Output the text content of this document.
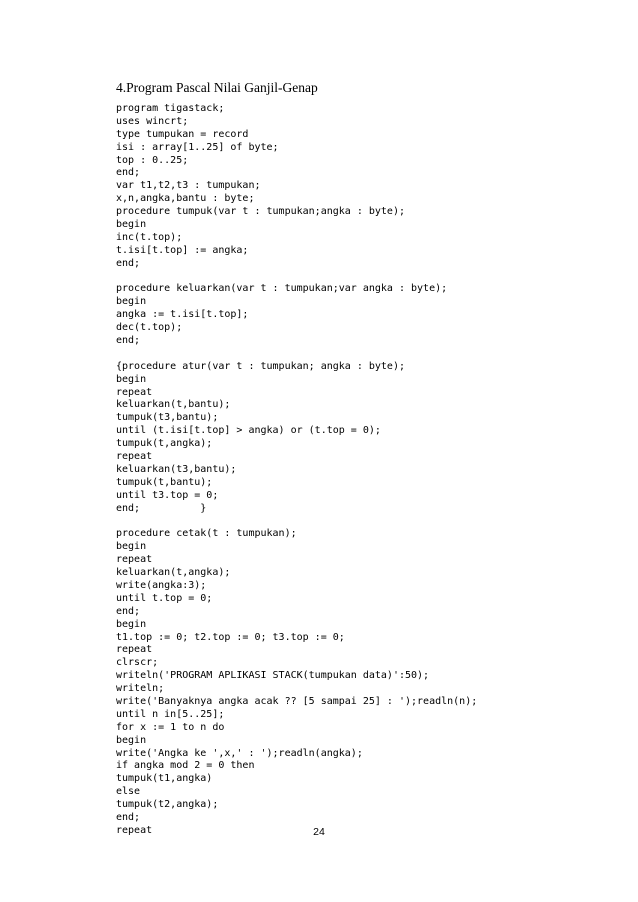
4.Program Pascal Nilai Ganjil-Genap
program tigastack;
uses wincrt;
type tumpukan = record
isi : array[1..25] of byte;
top : 0..25;
end;
var t1,t2,t3 : tumpukan;
x,n,angka,bantu : byte;
procedure tumpuk(var t : tumpukan;angka : byte);
begin
inc(t.top);
t.isi[t.top] := angka;
end;
procedure keluarkan(var t : tumpukan;var angka : byte);
begin
angka := t.isi[t.top];
dec(t.top);
end;
{procedure atur(var t : tumpukan; angka : byte);
begin
repeat
keluarkan(t,bantu);
tumpuk(t3,bantu);
until (t.isi[t.top] > angka) or (t.top = 0);
tumpuk(t,angka);
repeat
keluarkan(t3,bantu);
tumpuk(t,bantu);
until t3.top = 0;
end;          }
procedure cetak(t : tumpukan);
begin
repeat
keluarkan(t,angka);
write(angka:3);
until t.top = 0;
end;
begin
t1.top := 0; t2.top := 0; t3.top := 0;
repeat
clrscr;
writeln('PROGRAM APLIKASI STACK(tumpukan data)':50);
writeln;
write('Banyaknya angka acak ?? [5 sampai 25] : ');readln(n);
until n in[5..25];
for x := 1 to n do
begin
write('Angka ke ',x,' : ');readln(angka);
if angka mod 2 = 0 then
tumpuk(t1,angka)
else
tumpuk(t2,angka);
end;
repeat	24
